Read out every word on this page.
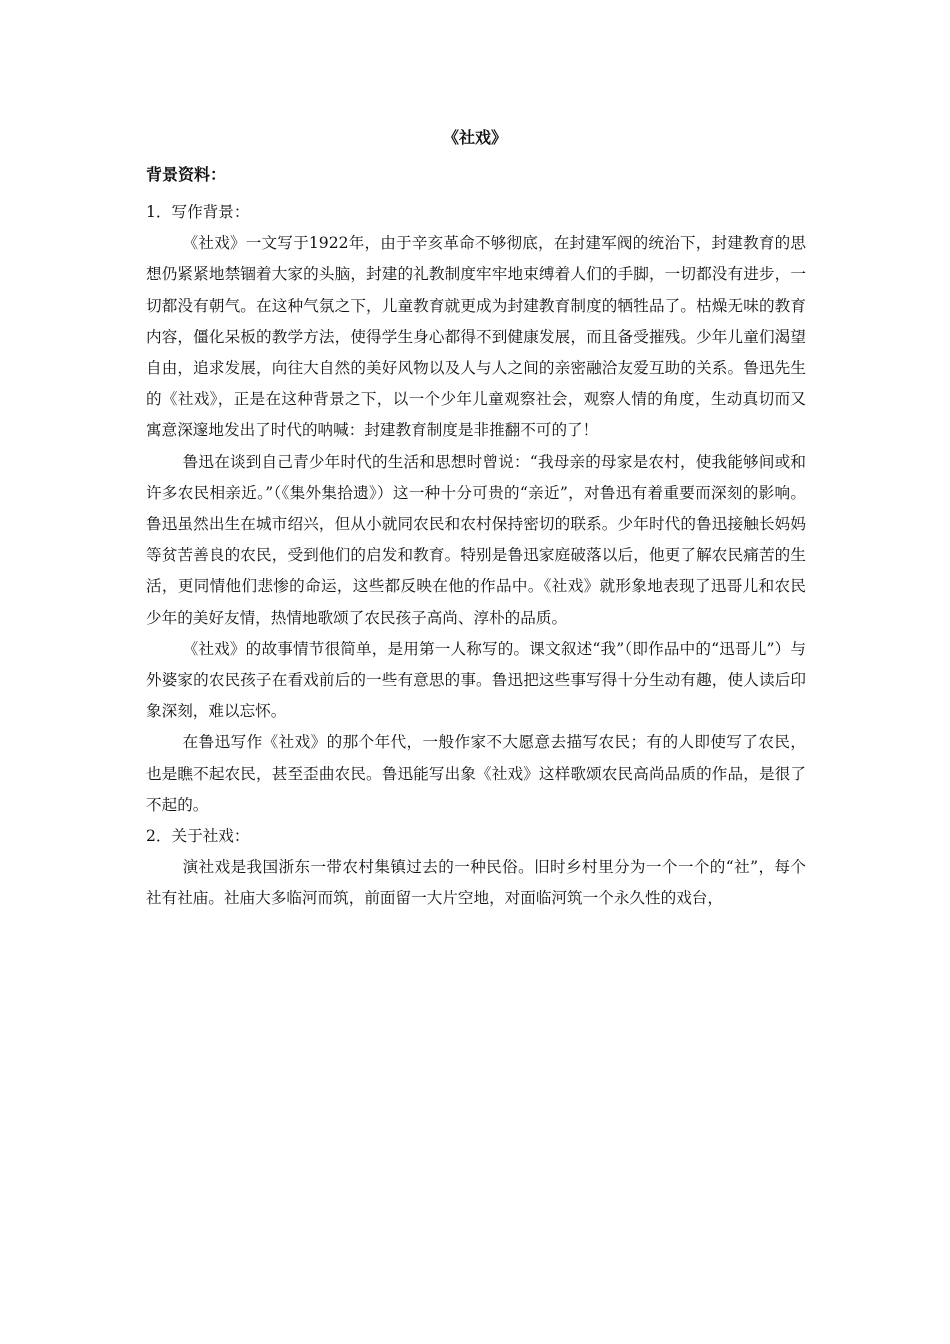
《社戏》
背景资料：

1．写作背景：

《社戏》一文写于1922年，由于辛亥革命不够彻底，在封建军阀的统治下，封建教育的思想仍紧紧地禁锢着大家的头脑，封建的礼教制度牢牢地束缚着人们的手脚，一切都没有进步，一切都没有朝气。在这种气氛之下，儿童教育就更成为封建教育制度的牺牲品了。枯燥无味的教育内容，僵化呆板的教学方法，使得学生身心都得不到健康发展，而且备受摧残。少年儿童们渴望自由，追求发展，向往大自然的美好风物以及人与人之间的亲密融洽友爱互助的关系。鲁迅先生的《社戏》，正是在这种背景之下，以一个少年儿童观察社会，观察人情的角度，生动真切而又寓意深邃地发出了时代的呐喊：封建教育制度是非推翻不可的了！

鲁迅在谈到自己青少年时代的生活和思想时曾说：“我母亲的母家是农村，使我能够间或和许多农民相亲近。”（《集外集拾遗》）这一种十分可贵的“亲近”，对鲁迅有着重要而深刻的影响。鲁迅虽然出生在城市绍兴，但从小就同农民和农村保持密切的联系。少年时代的鲁迅接触长妈妈等贫苦善良的农民，受到他们的启发和教育。特别是鲁迅家庭破落以后，他更了解农民痛苦的生活，更同情他们悲惨的命运，这些都反映在他的作品中。《社戏》就形象地表现了迅哥儿和农民少年的美好友情，热情地歌颂了农民孩子高尚、淳朴的品质。

《社戏》的故事情节很简单，是用第一人称写的。课文叙述“我”（即作品中的“迅哥儿”）与外婆家的农民孩子在看戏前后的一些有意思的事。鲁迅把这些事写得十分生动有趣，使人读后印象深刻，难以忘怀。

在鲁迅写作《社戏》的那个年代，一般作家不大愿意去描写农民；有的人即使写了农民，也是瞧不起农民，甚至歪曲农民。鲁迅能写出象《社戏》这样歌颂农民高尚品质的作品，是很了不起的。

2．关于社戏：

演社戏是我国浙东一带农村集镇过去的一种民俗。旧时乡村里分为一个一个的“社”，每个社有社庙。社庙大多临河而筑，前面留一大片空地，对面临河筑一个永久性的戏台，
